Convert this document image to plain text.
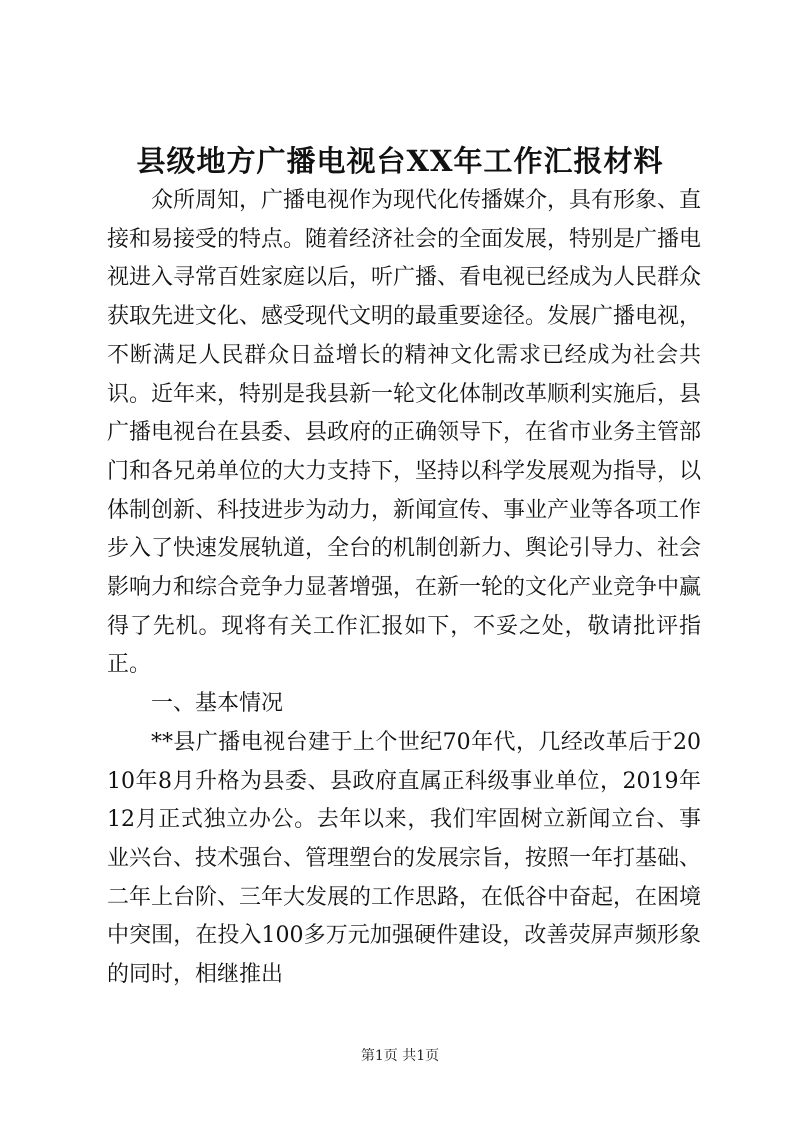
县级地方广播电视台XX年工作汇报材料

众所周知，广播电视作为现代化传播媒介，具有形象、直接和易接受的特点。随着经济社会的全面发展，特别是广播电视进入寻常百姓家庭以后，听广播、看电视已经成为人民群众获取先进文化、感受现代文明的最重要途径。发展广播电视，不断满足人民群众日益增长的精神文化需求已经成为社会共识。近年来，特别是我县新一轮文化体制改革顺利实施后，县广播电视台在县委、县政府的正确领导下，在省市业务主管部门和各兄弟单位的大力支持下，坚持以科学发展观为指导，以体制创新、科技进步为动力，新闻宣传、事业产业等各项工作步入了快速发展轨道，全台的机制创新力、舆论引导力、社会影响力和综合竞争力显著增强，在新一轮的文化产业竞争中赢得了先机。现将有关工作汇报如下，不妥之处，敬请批评指正。

一、基本情况

**县广播电视台建于上个世纪70年代，几经改革后于2010年8月升格为县委、县政府直属正科级事业单位，2019年12月正式独立办公。去年以来，我们牢固树立新闻立台、事业兴台、技术强台、管理塑台的发展宗旨，按照一年打基础、二年上台阶、三年大发展的工作思路，在低谷中奋起，在困境中突围，在投入100多万元加强硬件建设，改善荧屏声频形象的同时，相继推出

第1页 共1页
